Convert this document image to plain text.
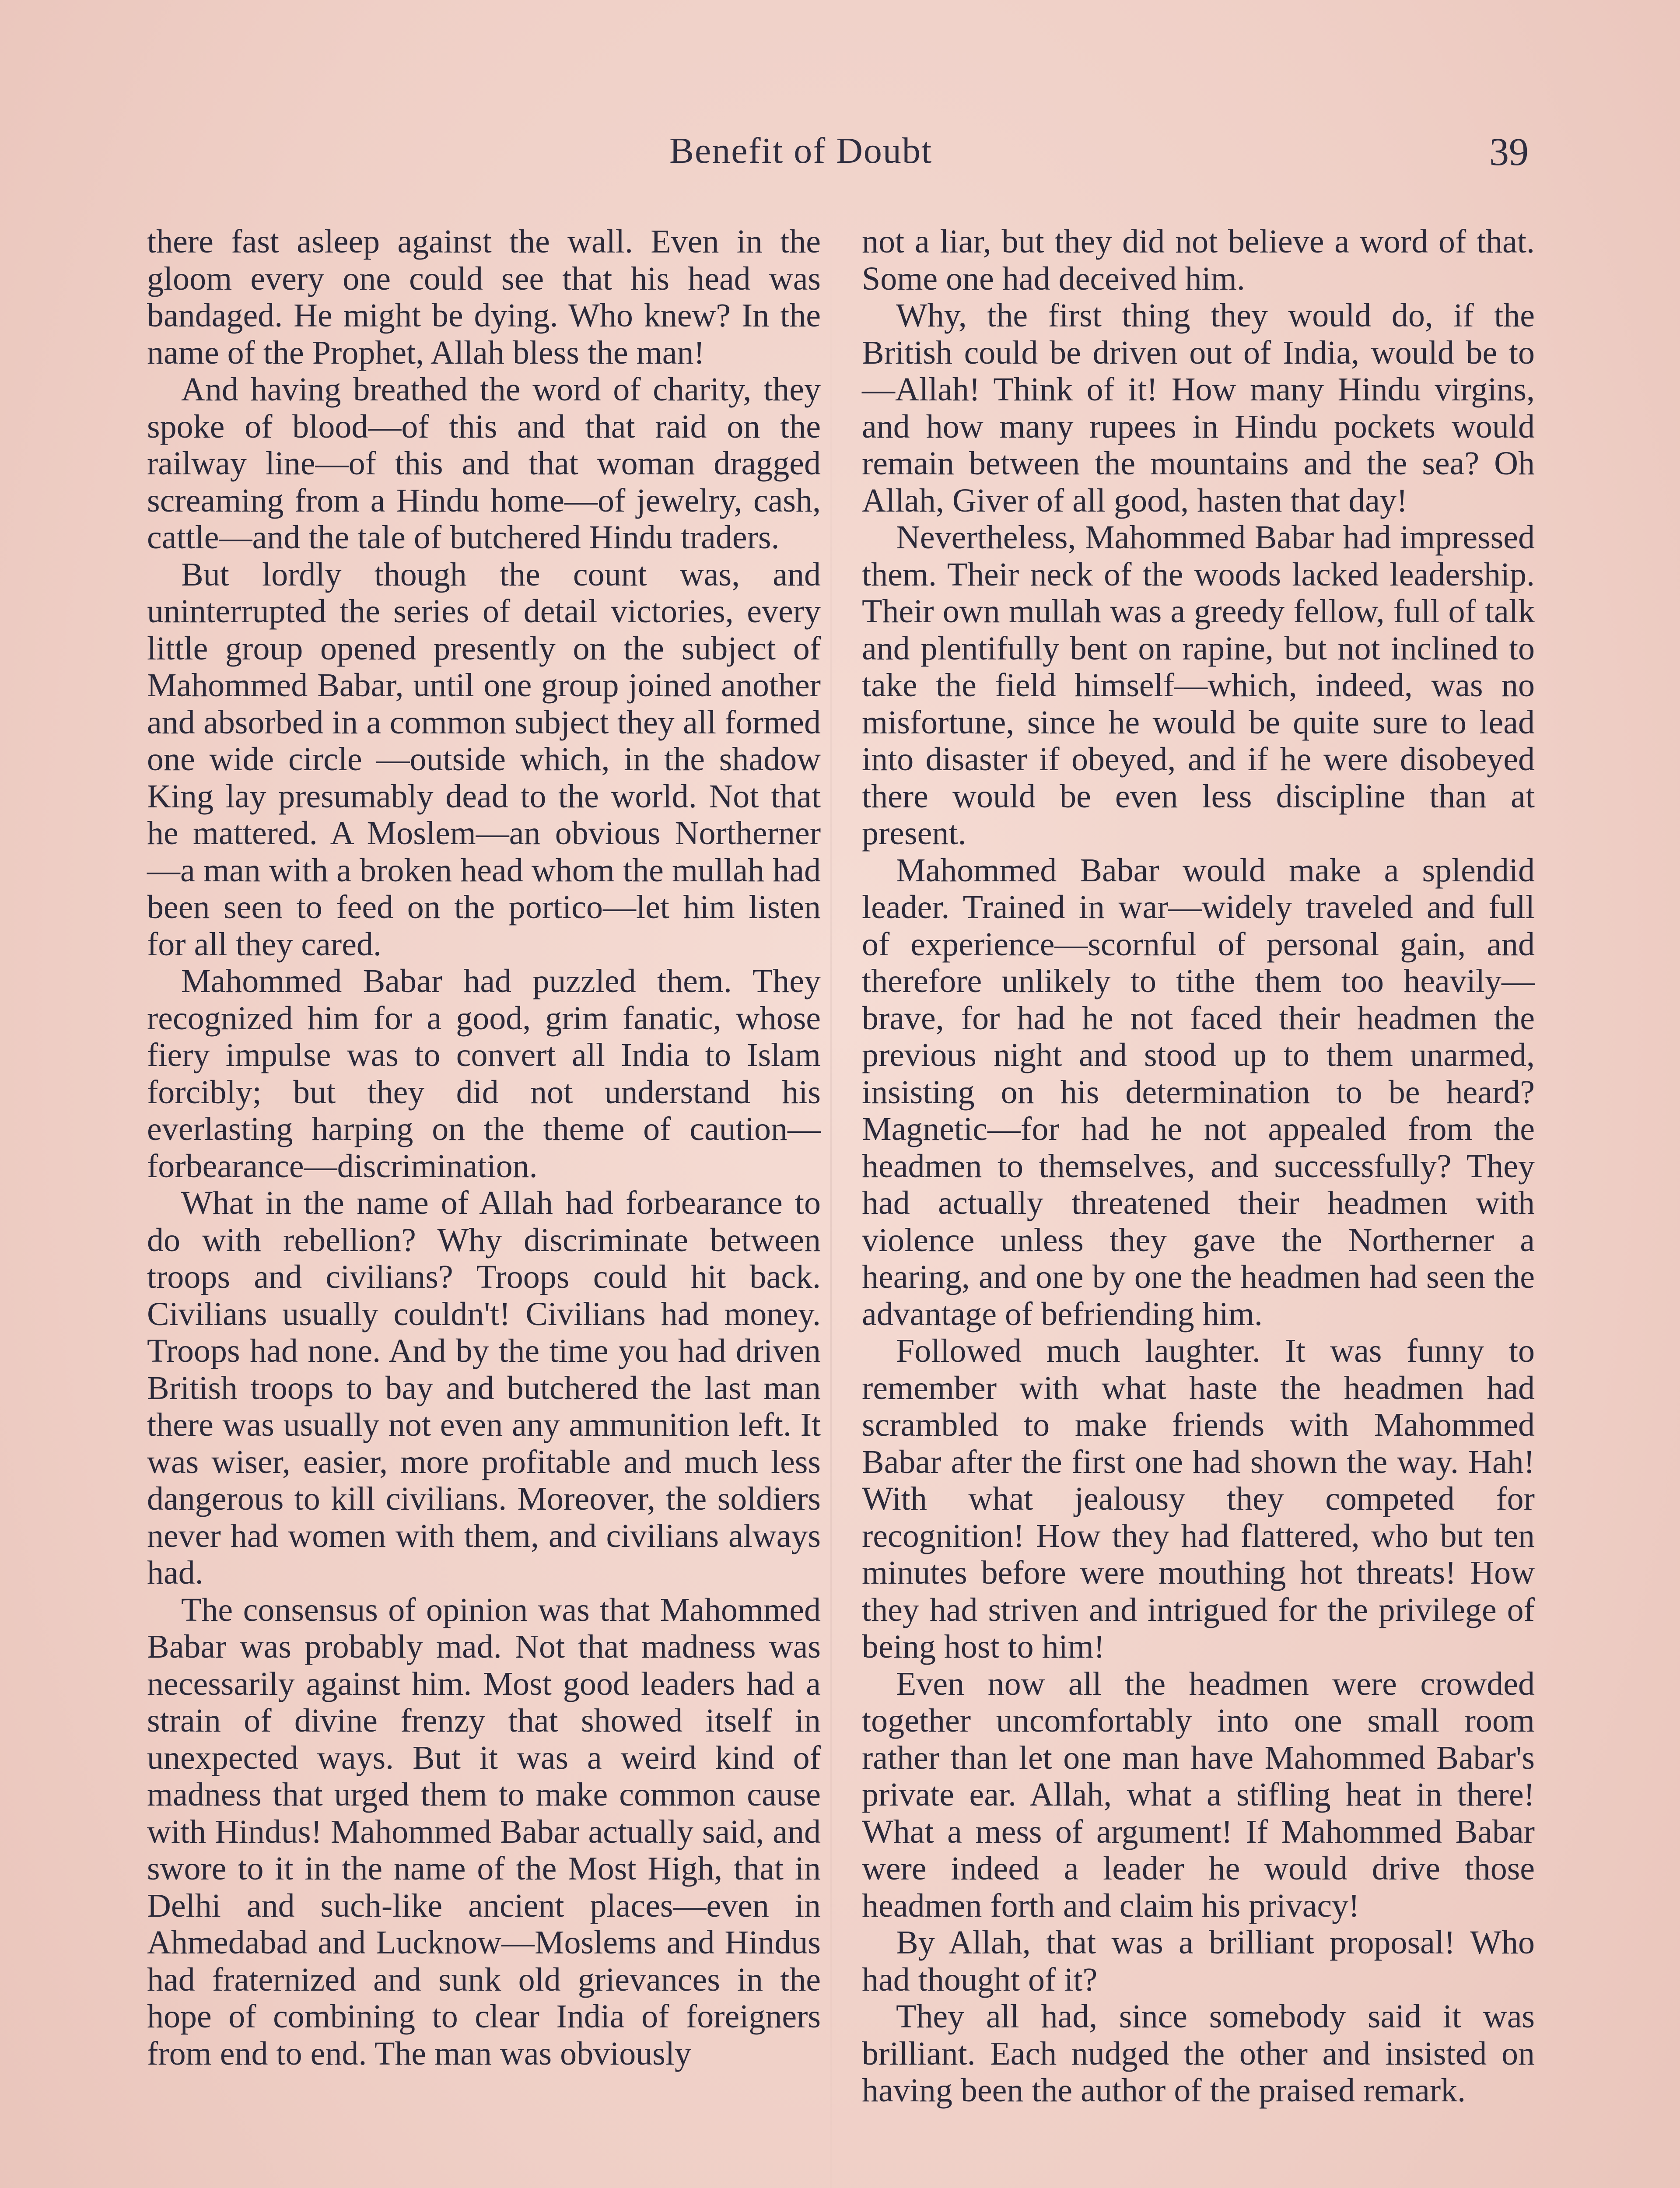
Benefit of Doubt	39

there fast asleep against the wall. Even in the gloom every one could see that his head was bandaged. He might be dying. Who knew? In the name of the Prophet, Allah bless the man!

And having breathed the word of charity, they spoke of blood—of this and that raid on the railway line—of this and that woman dragged screaming from a Hindu home—of jewelry, cash, cattle—and the tale of butchered Hindu traders.

But lordly though the count was, and uninterrupted the series of detail victories, every little group opened presently on the subject of Mahommed Babar, until one group joined another and absorbed in a common subject they all formed one wide circle —outside which, in the shadow King lay presumably dead to the world. Not that he mattered. A Moslem—an obvious Northerner—a man with a broken head whom the mullah had been seen to feed on the portico—let him listen for all they cared.

Mahommed Babar had puzzled them. They recognized him for a good, grim fanatic, whose fiery impulse was to convert all India to Islam forcibly; but they did not understand his everlasting harping on the theme of caution—forbearance—discrimination.

What in the name of Allah had forbearance to do with rebellion? Why discriminate between troops and civilians? Troops could hit back. Civilians usually couldn't! Civilians had money. Troops had none. And by the time you had driven British troops to bay and butchered the last man there was usually not even any ammunition left. It was wiser, easier, more profitable and much less dangerous to kill civilians. Moreover, the soldiers never had women with them, and civilians always had.

The consensus of opinion was that Mahommed Babar was probably mad. Not that madness was necessarily against him. Most good leaders had a strain of divine frenzy that showed itself in unexpected ways. But it was a weird kind of madness that urged them to make common cause with Hindus! Mahommed Babar actually said, and swore to it in the name of the Most High, that in Delhi and such-like ancient places—even in Ahmedabad and Lucknow—Moslems and Hindus had fraternized and sunk old grievances in the hope of combining to clear India of foreigners from end to end. The man was obviously

not a liar, but they did not believe a word of that. Some one had deceived him.

Why, the first thing they would do, if the British could be driven out of India, would be to—Allah! Think of it! How many Hindu virgins, and how many rupees in Hindu pockets would remain between the mountains and the sea? Oh Allah, Giver of all good, hasten that day!

Nevertheless, Mahommed Babar had impressed them. Their neck of the woods lacked leadership. Their own mullah was a greedy fellow, full of talk and plentifully bent on rapine, but not inclined to take the field himself—which, indeed, was no misfortune, since he would be quite sure to lead into disaster if obeyed, and if he were disobeyed there would be even less discipline than at present.

Mahommed Babar would make a splendid leader. Trained in war—widely traveled and full of experience—scornful of personal gain, and therefore unlikely to tithe them too heavily—brave, for had he not faced their headmen the previous night and stood up to them unarmed, insisting on his determination to be heard? Magnetic—for had he not appealed from the headmen to themselves, and successfully? They had actually threatened their headmen with violence unless they gave the Northerner a hearing, and one by one the headmen had seen the advantage of befriending him.

Followed much laughter. It was funny to remember with what haste the headmen had scrambled to make friends with Mahommed Babar after the first one had shown the way. Hah! With what jealousy they competed for recognition! How they had flattered, who but ten minutes before were mouthing hot threats! How they had striven and intrigued for the privilege of being host to him!

Even now all the headmen were crowded together uncomfortably into one small room rather than let one man have Mahommed Babar's private ear. Allah, what a stifling heat in there! What a mess of argument! If Mahommed Babar were indeed a leader he would drive those headmen forth and claim his privacy!

By Allah, that was a brilliant proposal! Who had thought of it?

They all had, since somebody said it was brilliant. Each nudged the other and insisted on having been the author of the praised remark.
